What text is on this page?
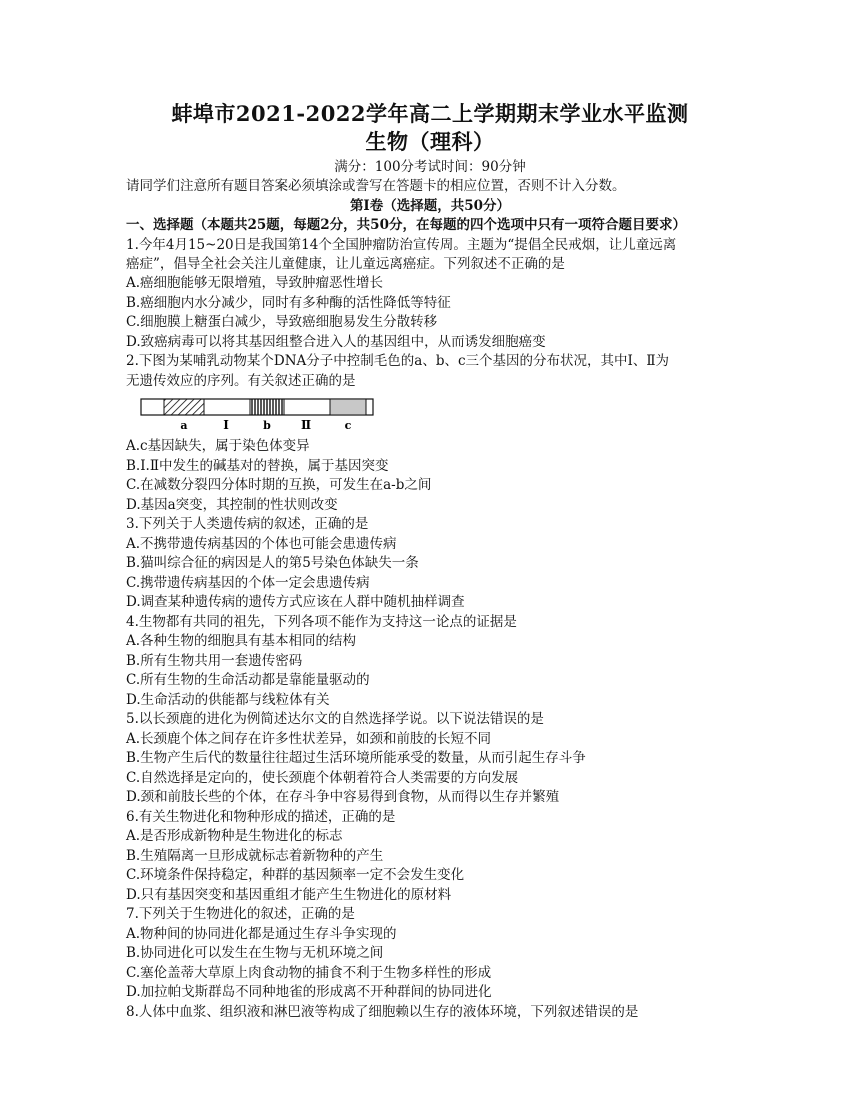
蚌埠市2021-2022学年高二上学期期末学业水平监测
生物（理科）
满分：100分考试时间：90分钟
请同学们注意所有题目答案必须填涂或誊写在答题卡的相应位置，否则不计入分数。
第Ⅰ卷（选择题，共50分）
一、选择题（本题共25题，每题2分，共50分，在每题的四个选项中只有一项符合题目要求）
1.今年4月15~20日是我国第14个全国肿瘤防治宣传周。主题为“提倡全民戒烟，让儿童远离
癌症”，倡导全社会关注儿童健康，让儿童远离癌症。下列叙述不正确的是
A.癌细胞能够无限增殖，导致肿瘤恶性增长
B.癌细胞内水分减少，同时有多种酶的活性降低等特征
C.细胞膜上糖蛋白减少，导致癌细胞易发生分散转移
D.致癌病毒可以将其基因组整合进入人的基因组中，从而诱发细胞癌变
2.下图为某哺乳动物某个DNA分子中控制毛色的a、b、c三个基因的分布状况，其中Ⅰ、Ⅱ为
无遗传效应的序列。有关叙述正确的是
a	Ⅰ	b	Ⅱ	c
A.c基因缺失，属于染色体变异
B.Ⅰ.Ⅱ中发生的碱基对的替换，属于基因突变
C.在减数分裂四分体时期的互换，可发生在a-b之间
D.基因a突变，其控制的性状则改变
3.下列关于人类遗传病的叙述，正确的是
A.不携带遗传病基因的个体也可能会患遗传病
B.猫叫综合征的病因是人的第5号染色体缺失一条
C.携带遗传病基因的个体一定会患遗传病
D.调查某种遗传病的遗传方式应该在人群中随机抽样调查
4.生物都有共同的祖先，下列各项不能作为支持这一论点的证据是
A.各种生物的细胞具有基本相同的结构
B.所有生物共用一套遗传密码
C.所有生物的生命活动都是靠能量驱动的
D.生命活动的供能都与线粒体有关
5.以长颈鹿的进化为例简述达尔文的自然选择学说。以下说法错误的是
A.长颈鹿个体之间存在许多性状差异，如颈和前肢的长短不同
B.生物产生后代的数量往往超过生活环境所能承受的数量，从而引起生存斗争
C.自然选择是定向的，使长颈鹿个体朝着符合人类需要的方向发展
D.颈和前肢长些的个体，在存斗争中容易得到食物，从而得以生存并繁殖
6.有关生物进化和物种形成的描述，正确的是
A.是否形成新物种是生物进化的标志
B.生殖隔离一旦形成就标志着新物种的产生
C.环境条件保持稳定，种群的基因频率一定不会发生变化
D.只有基因突变和基因重组才能产生生物进化的原材料
7.下列关于生物进化的叙述，正确的是
A.物种间的协同进化都是通过生存斗争实现的
B.协同进化可以发生在生物与无机环境之间
C.塞伦盖蒂大草原上肉食动物的捕食不利于生物多样性的形成
D.加拉帕戈斯群岛不同种地雀的形成离不开种群间的协同进化
8.人体中血浆、组织液和淋巴液等构成了细胞赖以生存的液体环境，下列叙述错误的是
